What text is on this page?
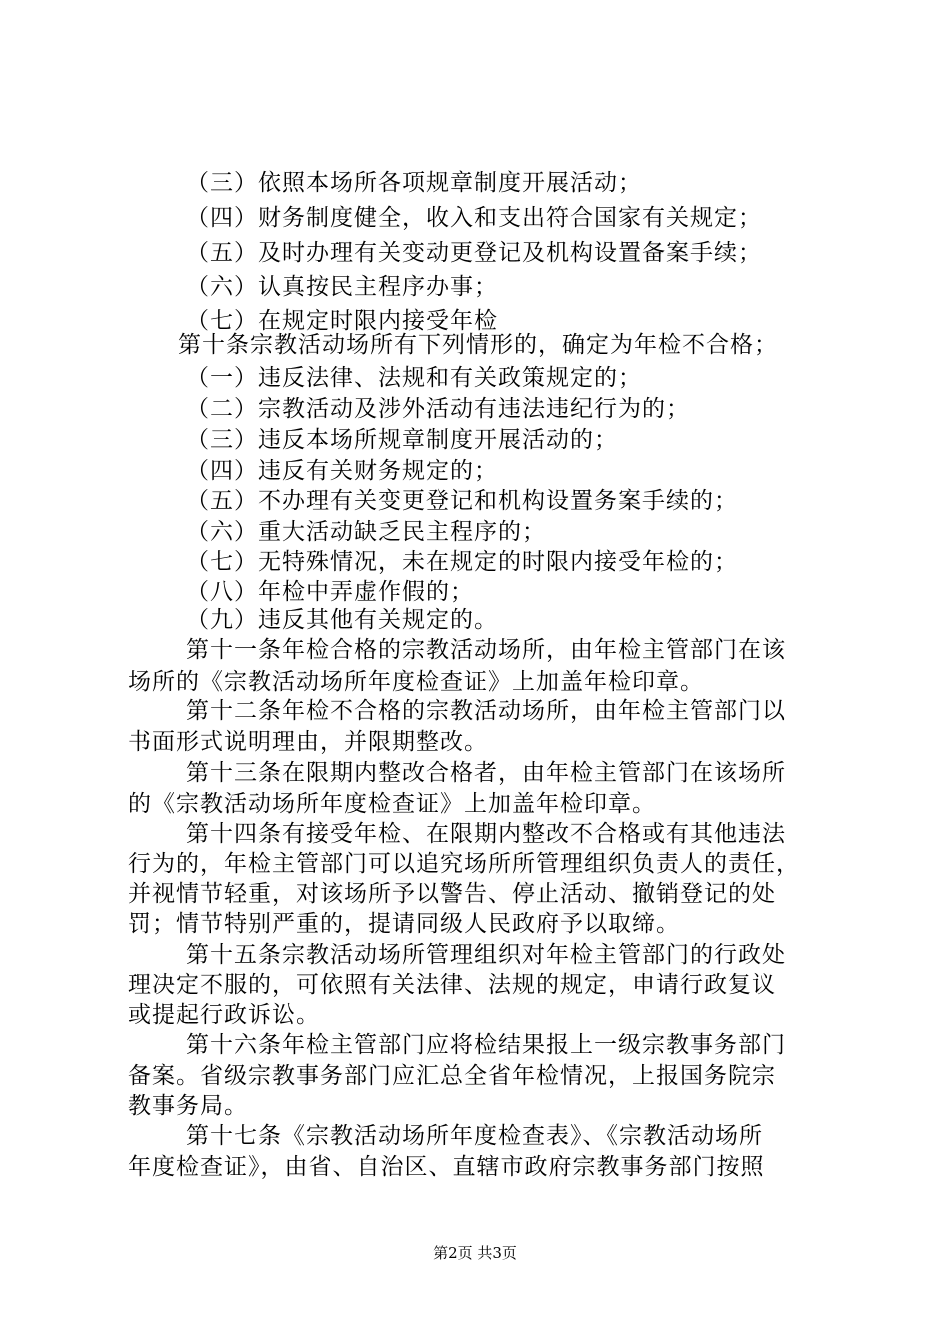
（三）依照本场所各项规章制度开展活动；
（四）财务制度健全，收入和支出符合国家有关规定；
（五）及时办理有关变动更登记及机构设置备案手续；
（六）认真按民主程序办事；
（七）在规定时限内接受年检
第十条宗教活动场所有下列情形的，确定为年检不合格；
（一）违反法律、法规和有关政策规定的；
（二）宗教活动及涉外活动有违法违纪行为的；
（三）违反本场所规章制度开展活动的；
（四）违反有关财务规定的；
（五）不办理有关变更登记和机构设置务案手续的；
（六）重大活动缺乏民主程序的；
（七）无特殊情况，未在规定的时限内接受年检的；
（八）年检中弄虚作假的；
（九）违反其他有关规定的。
第十一条年检合格的宗教活动场所，由年检主管部门在该
场所的《宗教活动场所年度检查证》上加盖年检印章。
第十二条年检不合格的宗教活动场所，由年检主管部门以
书面形式说明理由，并限期整改。
第十三条在限期内整改合格者，由年检主管部门在该场所
的《宗教活动场所年度检查证》上加盖年检印章。
第十四条有接受年检、在限期内整改不合格或有其他违法
行为的，年检主管部门可以追究场所所管理组织负责人的责任，
并视情节轻重，对该场所予以警告、停止活动、撤销登记的处
罚；情节特别严重的，提请同级人民政府予以取缔。
第十五条宗教活动场所管理组织对年检主管部门的行政处
理决定不服的，可依照有关法律、法规的规定，申请行政复议
或提起行政诉讼。
第十六条年检主管部门应将检结果报上一级宗教事务部门
备案。省级宗教事务部门应汇总全省年检情况，上报国务院宗
教事务局。
第十七条《宗教活动场所年度检查表》、《宗教活动场所
年度检查证》，由省、自治区、直辖市政府宗教事务部门按照
第2页 共3页
